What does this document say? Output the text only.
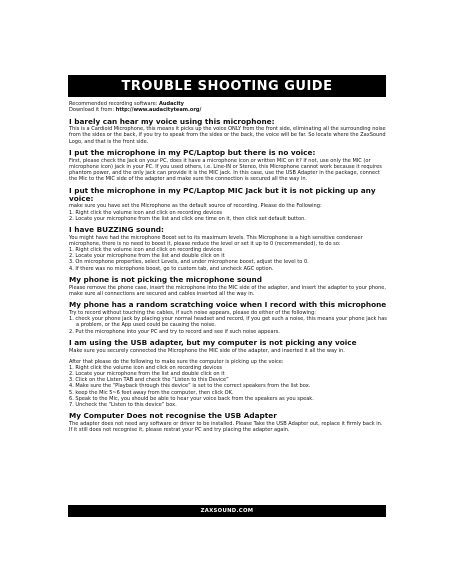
TROUBLE SHOOTING GUIDE

Recommended recording software: Audacity

Download it from: http://www.audacityteam.org/

I barely can hear my voice using this microphone:

This is a Cardioid Microphone, this means it picks up the voice ONLY from the front side, eliminating all the surrounding noise from the sides or the back, if you try to speak from the sides or the back, the voice will be far. So locate where the ZaxSound Logo, and that is the front side.

I put the microphone in my PC/Laptop but there is no voice:

First, please check the Jack on your PC, does it have a microphone icon or written MIC on it? If not, use only the MIC (or microphone icon) jack in your PC. If you used others, i.e. Line-IN or Stereo, this Microphone cannot work because it requires phantom power, and the only jack can provide it is the MIC jack. In this case, use the USB Adapter in the package, connect the Mic to the MIC side of the adapter and make sure the connection is secured all the way in.

I put the microphone in my PC/Laptop MIC Jack but it is not picking up any voice:

make sure you have set the Microphone as the default source of recording. Please do the Following:

1. Right click the volume icon and click on recording devices
2. Locate your microphone from the list and click one time on it, then click set default button.
I have BUZZING sound:

You might have had the microphone Boost set to its maximum levels. This Microphone is a high sensitive condenser microphone, there is no need to boost it, please reduce the level or set it up to 0 (recommended), to do so:

1. Right click the volume icon and click on recording devices
2. Locate your microphone from the list and double click on it
3. On microphone properties, select Levels, and under microphone boost, adjust the level to 0.
4. If there was no microphone boost, go to custom tab, and uncheck AGC option.
My phone is not picking the microphone sound

Please remove the phone case, insert the microphone into the MIC side of the adapter, and insert the adapter to your phone, make sure all connections are secured and cables inserted all the way in.

My phone has a random scratching voice when I record with this microphone

Try to record without touching the cables, if such noise appears, please do either of the following:

1. check your phone jack by placing your normal headset and record, if you get such a noise, this means your phone jack has a problem, or the App used could be causing the noise.
2. Put the microphone into your PC and try to record and see if such noise appears.
I am using the USB adapter, but my computer is not picking any voice

Make sure you securely connected the Microphone the MIC side of the adapter, and inserted it all the way in.

After that please do the following to make sure the computer is picking up the voice:

1. Right click the volume icon and click on recording devices
2. Locate your microphone from the list and double click on it
3. Click on the Listen TAB and check the “Listen to this Device”
4. Make sure the “Playback through this device” is set to the correct speakers from the list box.
5. keep the Mic 5~6 feet away from the computer, then click OK.
6. Speak to the Mic, you should be able to hear your voice back from the speakers as you speak.
7. Uncheck the “Listen to this device” box.
My Computer Does not recognise the USB Adapter

The adapter does not need any software or driver to be installed. Please Take the USB Adapter out, replace it firmly back in. If it still does not recognise it, please restrat your PC and try placing the adapter again.

ZAXSOUND.COM
